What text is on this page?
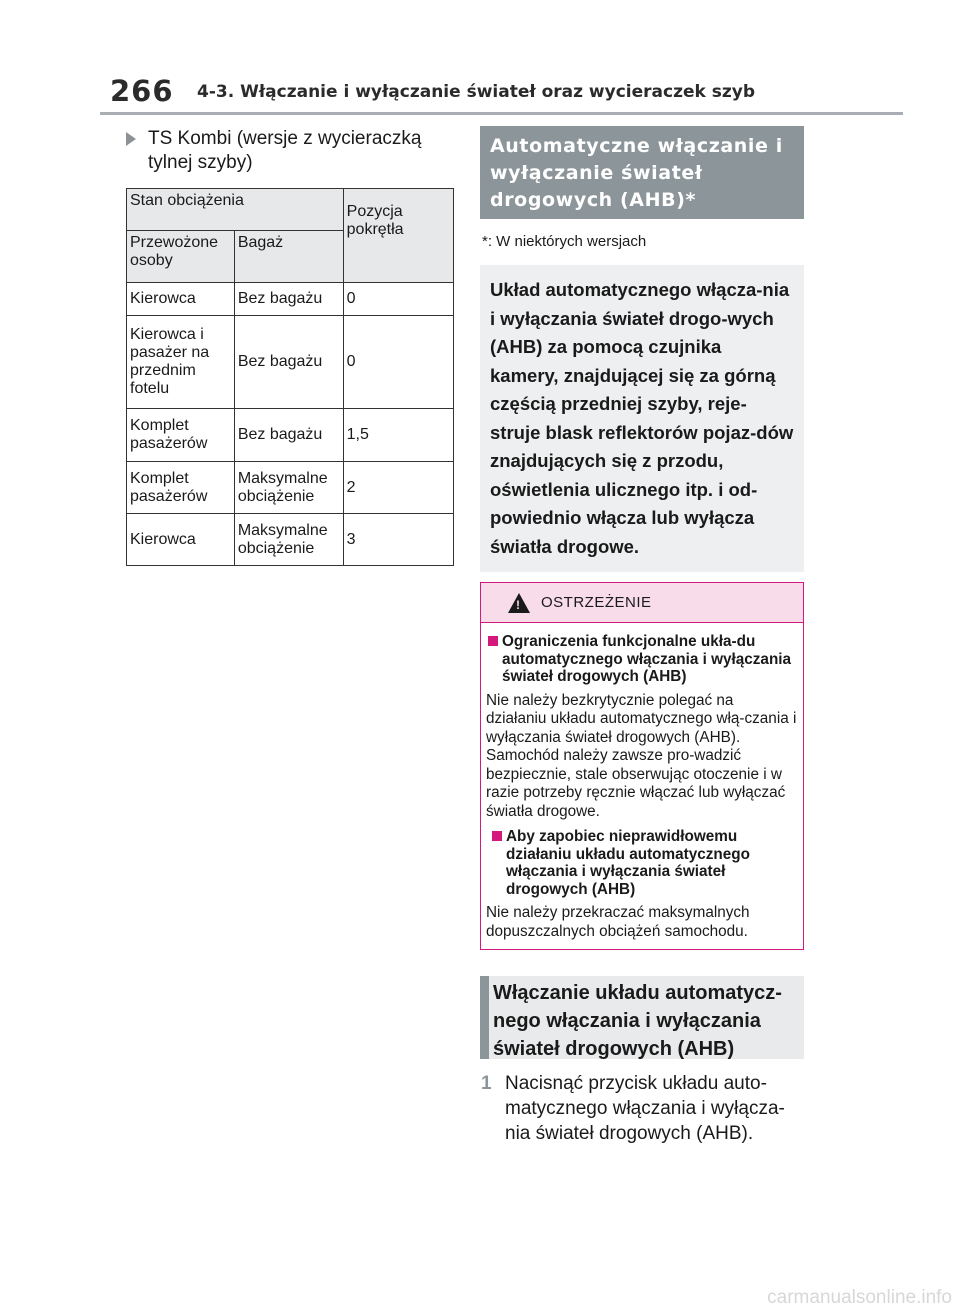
266 4-3. Włączanie i wyłączanie świateł oraz wycieraczek szyb
TS Kombi (wersje z wycieraczką tylnej szyby)
Stan obciążenia		Pozycja pokrętła
Przewożone osoby	Bagaż	
Kierowca	Bez bagażu	0
Kierowca i pasażer na przednim fotelu	Bez bagażu	0
Komplet pasażerów	Bez bagażu	1,5
Komplet pasażerów	Maksymalne obciążenie	2
Kierowca	Maksymalne obciążenie	3
Automatyczne włączanie i wyłączanie świateł drogowych (AHB)*
*: W niektórych wersjach
Układ automatycznego włącza-nia i wyłączania świateł drogo-wych (AHB) za pomocą czujnika kamery, znajdującej się za górną częścią przedniej szyby, reje-struje blask reflektorów pojaz-dów znajdujących się z przodu, oświetlenia ulicznego itp. i od-powiednio włącza lub wyłącza światła drogowe.
! OSTRZEŻENIE
Ograniczenia funkcjonalne ukła-du automatycznego włączania i wyłączania świateł drogowych (AHB)
Nie należy bezkrytycznie polegać na działaniu układu automatycznego włą-czania i wyłączania świateł drogowych (AHB). Samochód należy zawsze pro-wadzić bezpiecznie, stale obserwując otoczenie i w razie potrzeby ręcznie włączać lub wyłączać światła drogowe.
Aby zapobiec nieprawidłowemu działaniu układu automatycznego włączania i wyłączania świateł drogowych (AHB)
Nie należy przekraczać maksymalnych dopuszczalnych obciążeń samochodu.
Włączanie układu automatycz-nego włączania i wyłączania świateł drogowych (AHB)
1 Nacisnąć przycisk układu auto-matycznego włączania i wyłącza-nia świateł drogowych (AHB).
carmanualsonline.info
